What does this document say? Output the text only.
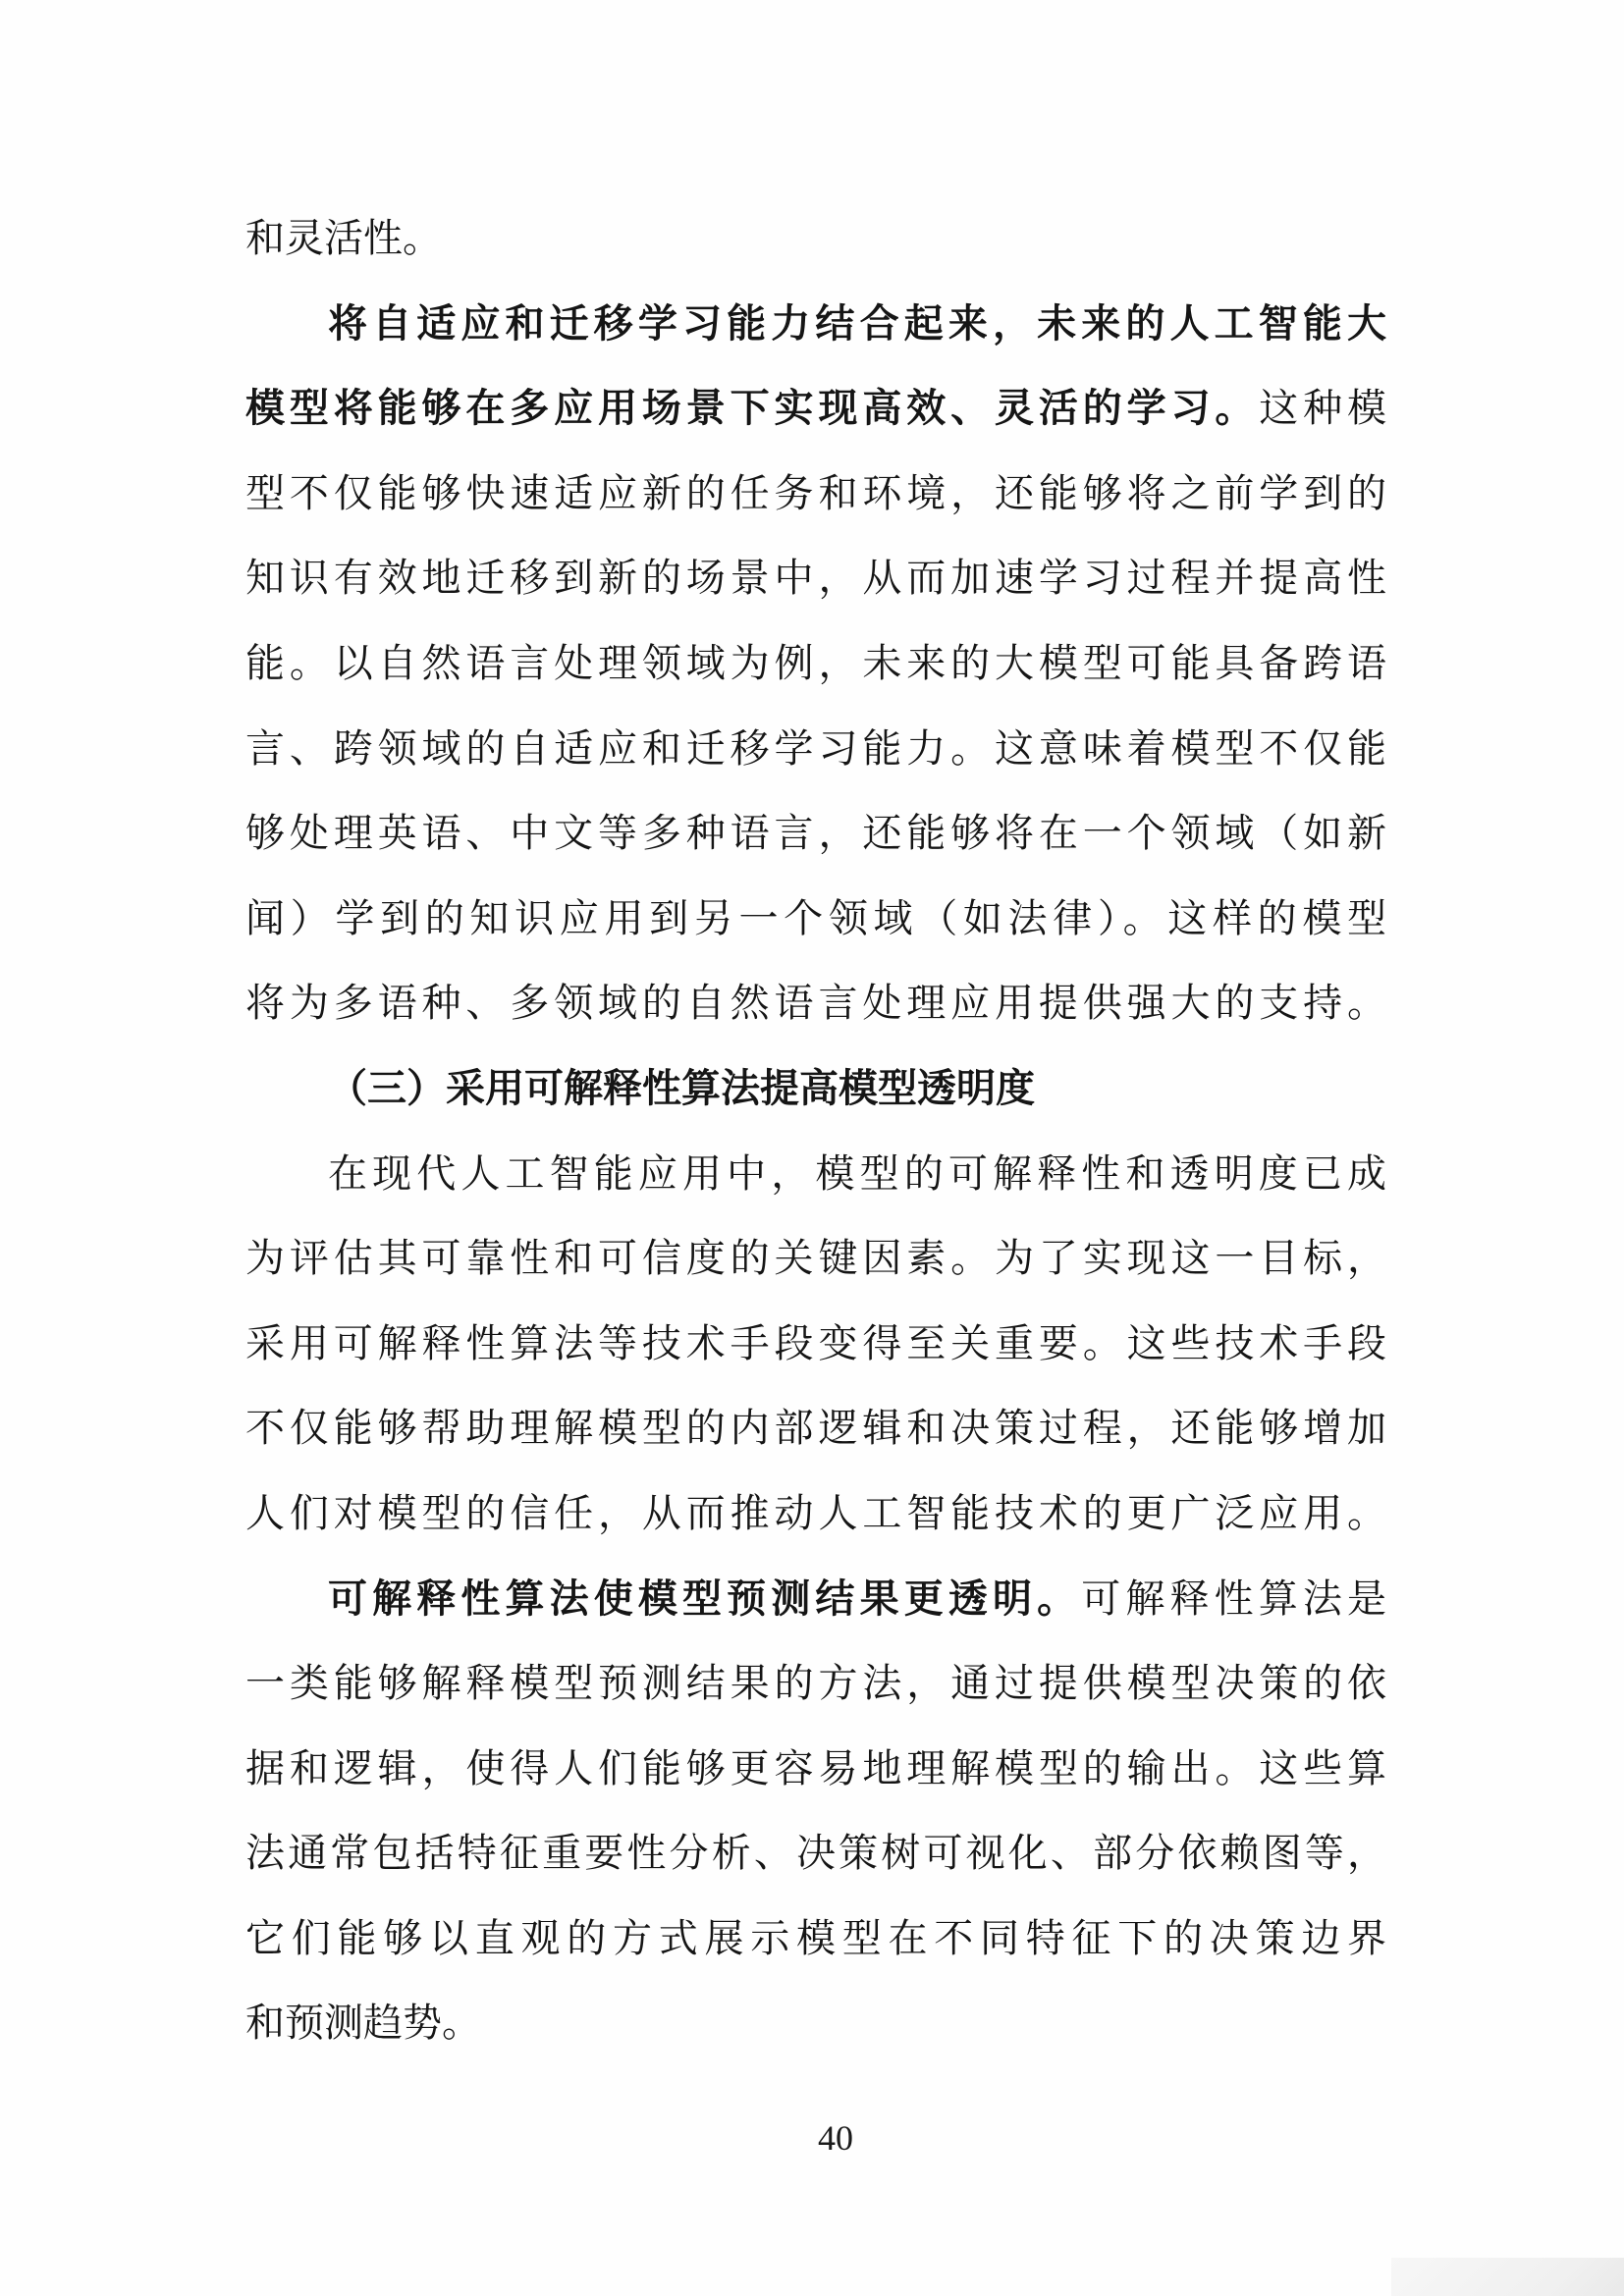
和灵活性。
将自适应和迁移学习能力结合起来，未来的人工智能大
模型将能够在多应用场景下实现高效、灵活的学习。这种模
型不仅能够快速适应新的任务和环境，还能够将之前学到的
知识有效地迁移到新的场景中，从而加速学习过程并提高性
能。以自然语言处理领域为例，未来的大模型可能具备跨语
言、跨领域的自适应和迁移学习能力。这意味着模型不仅能
够处理英语、中文等多种语言，还能够将在一个领域（如新
闻）学到的知识应用到另一个领域（如法律）。这样的模型
将为多语种、多领域的自然语言处理应用提供强大的支持。
（三）采用可解释性算法提高模型透明度
在现代人工智能应用中，模型的可解释性和透明度已成
为评估其可靠性和可信度的关键因素。为了实现这一目标，
采用可解释性算法等技术手段变得至关重要。这些技术手段
不仅能够帮助理解模型的内部逻辑和决策过程，还能够增加
人们对模型的信任，从而推动人工智能技术的更广泛应用。
可解释性算法使模型预测结果更透明。可解释性算法是
一类能够解释模型预测结果的方法，通过提供模型决策的依
据和逻辑，使得人们能够更容易地理解模型的输出。这些算
法通常包括特征重要性分析、决策树可视化、部分依赖图等，
它们能够以直观的方式展示模型在不同特征下的决策边界
和预测趋势。
40
